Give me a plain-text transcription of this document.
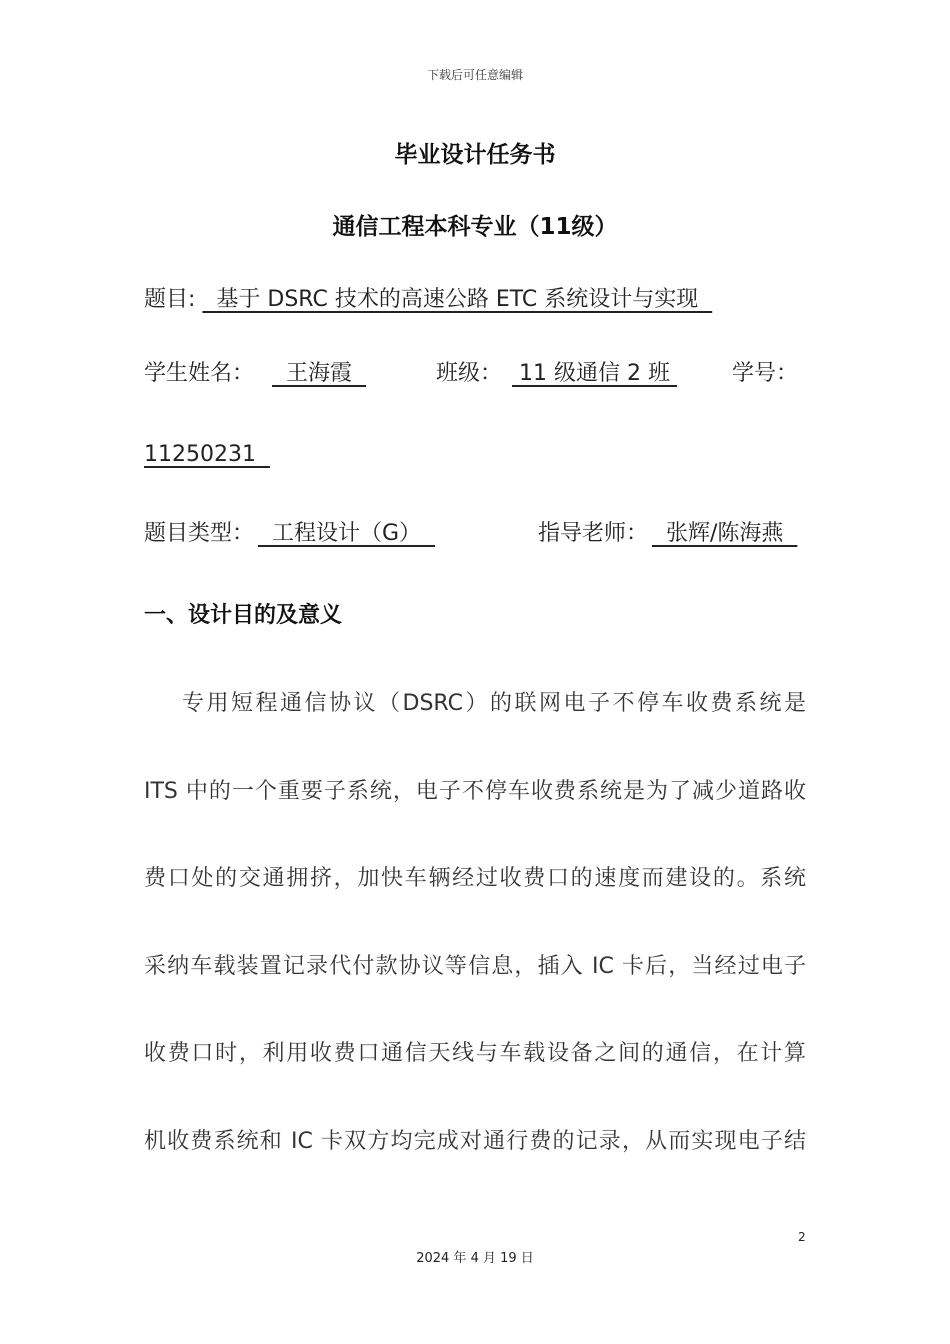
下载后可任意编辑
毕业设计任务书
通信工程本科专业（11级）
题目:   基于 DSRC 技术的高速公路 ETC 系统设计与实现
学生姓名： 王海霞	班级： 11 级通信 2 班	学号：
11250231
题目类型： 工程设计（G）	指导老师： 张辉/陈海燕
一、设计目的及意义
专用短程通信协议（DSRC）的联网电子不停车收费系统是
ITS 中的一个重要子系统，电子不停车收费系统是为了减少道路收
费口处的交通拥挤，加快车辆经过收费口的速度而建设的。系统
采纳车载装置记录代付款协议等信息，插入 IC 卡后，当经过电子
收费口时，利用收费口通信天线与车载设备之间的通信，在计算
机收费系统和 IC 卡双方均完成对通行费的记录，从而实现电子结
2
2024 年 4 月 19 日
